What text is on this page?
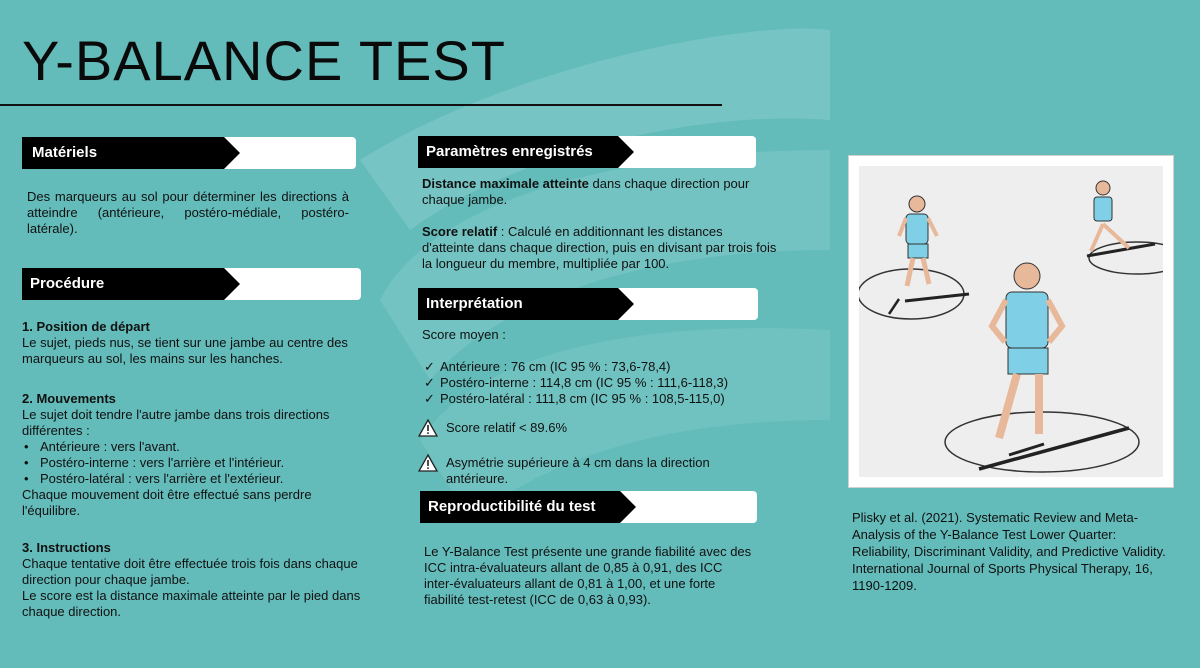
Y-BALANCE TEST
Matériels
Des marqueurs au sol pour déterminer les directions à atteindre (antérieure, postéro-médiale, postéro-latérale).
Procédure
1. Position de départ
Le sujet, pieds nus, se tient sur une jambe au centre des marqueurs au sol, les mains sur les hanches.
2. Mouvements
Le sujet doit tendre l'autre jambe dans trois directions différentes :
• Antérieure : vers l'avant.
• Postéro-interne : vers l'arrière et l'intérieur.
• Postéro-latéral : vers l'arrière et l'extérieur.
Chaque mouvement doit être effectué sans perdre l'équilibre.
3. Instructions
Chaque tentative doit être effectuée trois fois dans chaque direction pour chaque jambe.
Le score est la distance maximale atteinte par le pied dans chaque direction.
Paramètres enregistrés
Distance maximale atteinte dans chaque direction pour chaque jambe.
Score relatif : Calculé en additionnant les distances d'atteinte dans chaque direction, puis en divisant par trois fois la longueur du membre, multipliée par 100.
Interprétation
Score moyen :
✓ Antérieure : 76 cm (IC 95 % : 73,6-78,4)
✓ Postéro-interne : 114,8 cm (IC 95 % : 111,6-118,3)
✓ Postéro-latéral : 111,8 cm (IC 95 % : 108,5-115,0)
Score relatif < 89.6%
Asymétrie supérieure à 4 cm dans la direction antérieure.
Reproductibilité du test
Le Y-Balance Test présente une grande fiabilité avec des ICC intra-évaluateurs allant de 0,85 à 0,91, des ICC inter-évaluateurs allant de 0,81 à 1,00, et une forte fiabilité test-retest (ICC de 0,63 à 0,93).
Plisky et al. (2021). Systematic Review and Meta-Analysis of the Y-Balance Test Lower Quarter: Reliability, Discriminant Validity, and Predictive Validity. International Journal of Sports Physical Therapy, 16, 1190-1209.
